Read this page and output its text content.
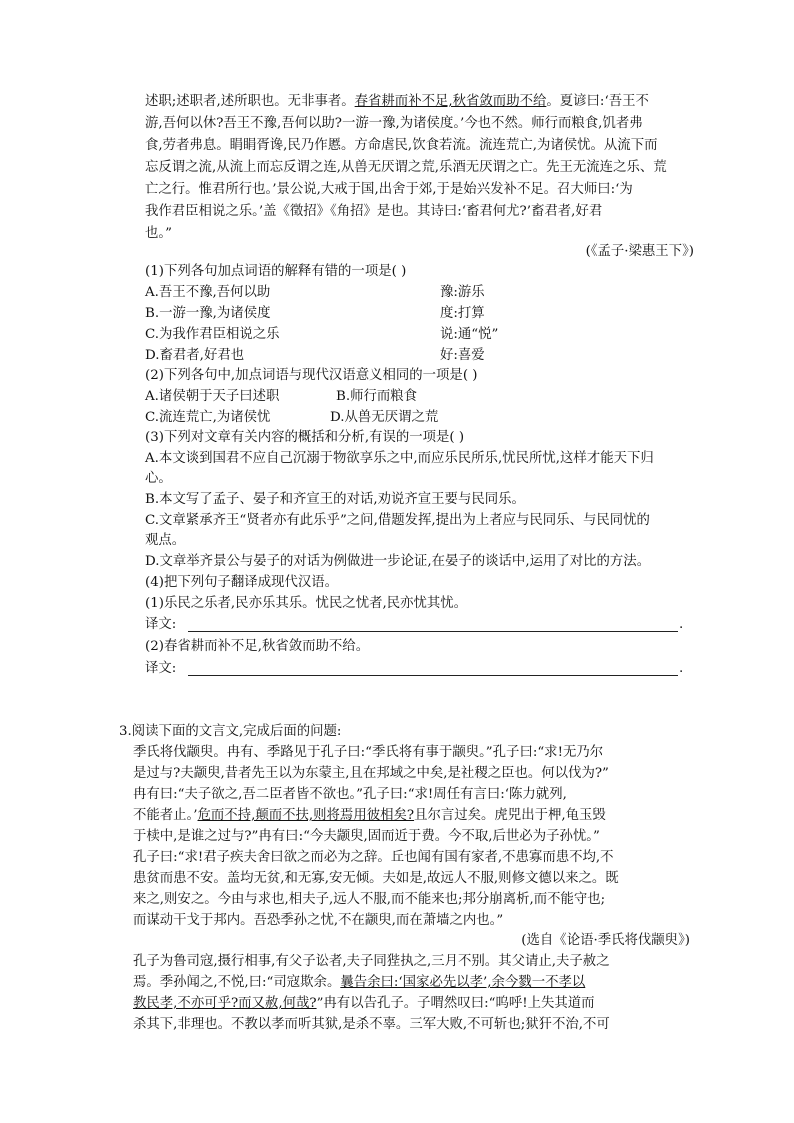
述职;述职者,述所职也。无非事者。春省耕而补不足,秋省敛而助不给。夏谚曰:‘吾王不
游,吾何以休?吾王不豫,吾何以助?一游一豫,为诸侯度。’今也不然。师行而粮食,饥者弗
食,劳者弗息。睊睊胥谗,民乃作慝。方命虐民,饮食若流。流连荒亡,为诸侯忧。从流下而
忘反谓之流,从流上而忘反谓之连,从兽无厌谓之荒,乐酒无厌谓之亡。先王无流连之乐、荒
亡之行。惟君所行也。’景公说,大戒于国,出舍于郊,于是始兴发补不足。召大师曰:‘为
我作君臣相说之乐。’盖《徵招》《角招》是也。其诗曰:‘畜君何尤?’畜君者,好君
也。”
(《孟子·梁惠王下》)
(1)下列各句加点词语的解释有错的一项是( )
A.吾王不豫,吾何以助	豫:游乐
B.一游一豫,为诸侯度	度:打算
C.为我作君臣相说之乐	说:通“悦”
D.畜君者,好君也	好:喜爱
(2)下列各句中,加点词语与现代汉语意义相同的一项是( )
A.诸侯朝于天子曰述职	B.师行而粮食
C.流连荒亡,为诸侯忧	D.从兽无厌谓之荒
(3)下列对文章有关内容的概括和分析,有误的一项是( )
A.本文谈到国君不应自己沉溺于物欲享乐之中,而应乐民所乐,忧民所忧,这样才能天下归
心。
B.本文写了孟子、晏子和齐宣王的对话,劝说齐宣王要与民同乐。
C.文章紧承齐王“贤者亦有此乐乎”之问,借题发挥,提出为上者应与民同乐、与民同忧的
观点。
D.文章举齐景公与晏子的对话为例做进一步论证,在晏子的谈话中,运用了对比的方法。
(4)把下列句子翻译成现代汉语。
(1)乐民之乐者,民亦乐其乐。忧民之忧者,民亦忧其忧。
译文:	.
(2)春省耕而补不足,秋省敛而助不给。
译文:	.
3.阅读下面的文言文,完成后面的问题:
季氏将伐颛臾。冉有、季路见于孔子曰:“季氏将有事于颛臾。”孔子曰:“求!无乃尔
是过与?夫颛臾,昔者先王以为东蒙主,且在邦域之中矣,是社稷之臣也。何以伐为?”
冉有曰:“夫子欲之,吾二臣者皆不欲也。”孔子曰:“求!周任有言曰:‘陈力就列,
不能者止。’危而不持,颠而不扶,则将焉用彼相矣?且尔言过矣。虎兕出于柙,龟玉毁
于椟中,是谁之过与?”冉有曰:“今夫颛臾,固而近于费。今不取,后世必为子孙忧。”
孔子曰:“求!君子疾夫舍曰欲之而必为之辞。丘也闻有国有家者,不患寡而患不均,不
患贫而患不安。盖均无贫,和无寡,安无倾。夫如是,故远人不服,则修文德以来之。既
来之,则安之。今由与求也,相夫子,远人不服,而不能来也;邦分崩离析,而不能守也;
而谋动干戈于邦内。吾恐季孙之忧,不在颛臾,而在萧墙之内也。”
(选自《论语·季氏将伐颛臾》)
孔子为鲁司寇,摄行相事,有父子讼者,夫子同狴执之,三月不别。其父请止,夫子赦之
焉。季孙闻之,不悦,曰:“司寇欺余。曩告余曰:‘国家必先以孝’,余今戮一不孝以
教民孝,不亦可乎?而又赦,何哉?”冉有以告孔子。子喟然叹曰:“呜呼!上失其道而
杀其下,非理也。不教以孝而听其狱,是杀不辜。三军大败,不可斩也;狱犴不治,不可
